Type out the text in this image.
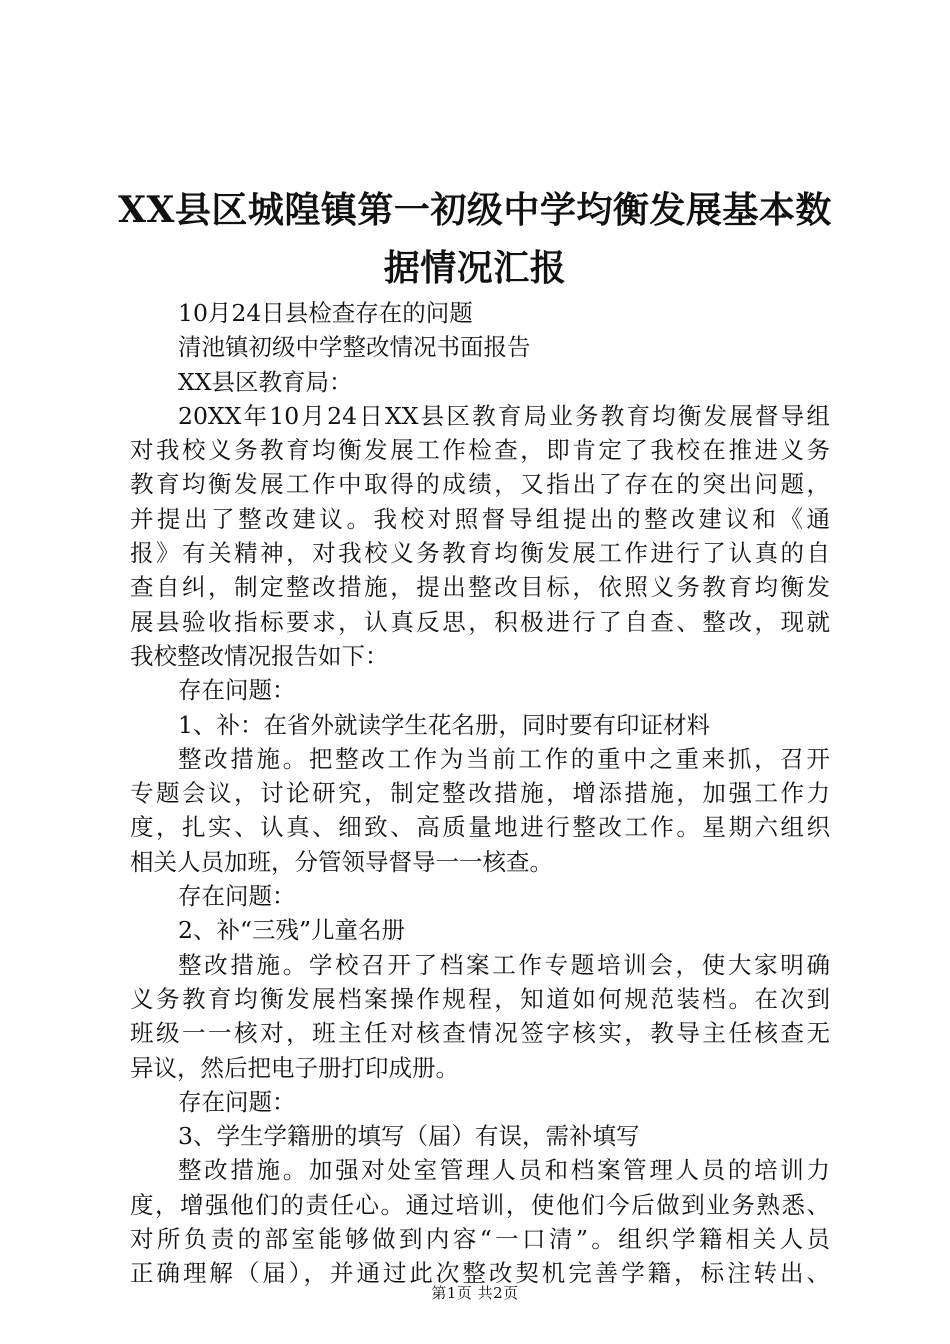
XX县区城隍镇第一初级中学均衡发展基本数
据情况汇报
10月24日县检查存在的问题
清池镇初级中学整改情况书面报告
XX县区教育局：
20XX年10月24日XX县区教育局业务教育均衡发展督导组
对我校义务教育均衡发展工作检查，即肯定了我校在推进义务
教育均衡发展工作中取得的成绩，又指出了存在的突出问题，
并提出了整改建议。我校对照督导组提出的整改建议和《通
报》有关精神，对我校义务教育均衡发展工作进行了认真的自
查自纠，制定整改措施，提出整改目标，依照义务教育均衡发
展县验收指标要求，认真反思，积极进行了自查、整改，现就
我校整改情况报告如下：
存在问题：
1、补：在省外就读学生花名册，同时要有印证材料
整改措施。把整改工作为当前工作的重中之重来抓，召开
专题会议，讨论研究，制定整改措施，增添措施，加强工作力
度，扎实、认真、细致、高质量地进行整改工作。星期六组织
相关人员加班，分管领导督导一一核查。
存在问题：
2、补“三残”儿童名册
整改措施。学校召开了档案工作专题培训会，使大家明确
义务教育均衡发展档案操作规程，知道如何规范装档。在次到
班级一一核对，班主任对核查情况签字核实，教导主任核查无
异议，然后把电子册打印成册。
存在问题：
3、学生学籍册的填写（届）有误，需补填写
整改措施。加强对处室管理人员和档案管理人员的培训力
度，增强他们的责任心。通过培训，使他们今后做到业务熟悉、
对所负责的部室能够做到内容“一口清”。组织学籍相关人员
正确理解（届），并通过此次整改契机完善学籍，标注转出、
第1页 共2页
